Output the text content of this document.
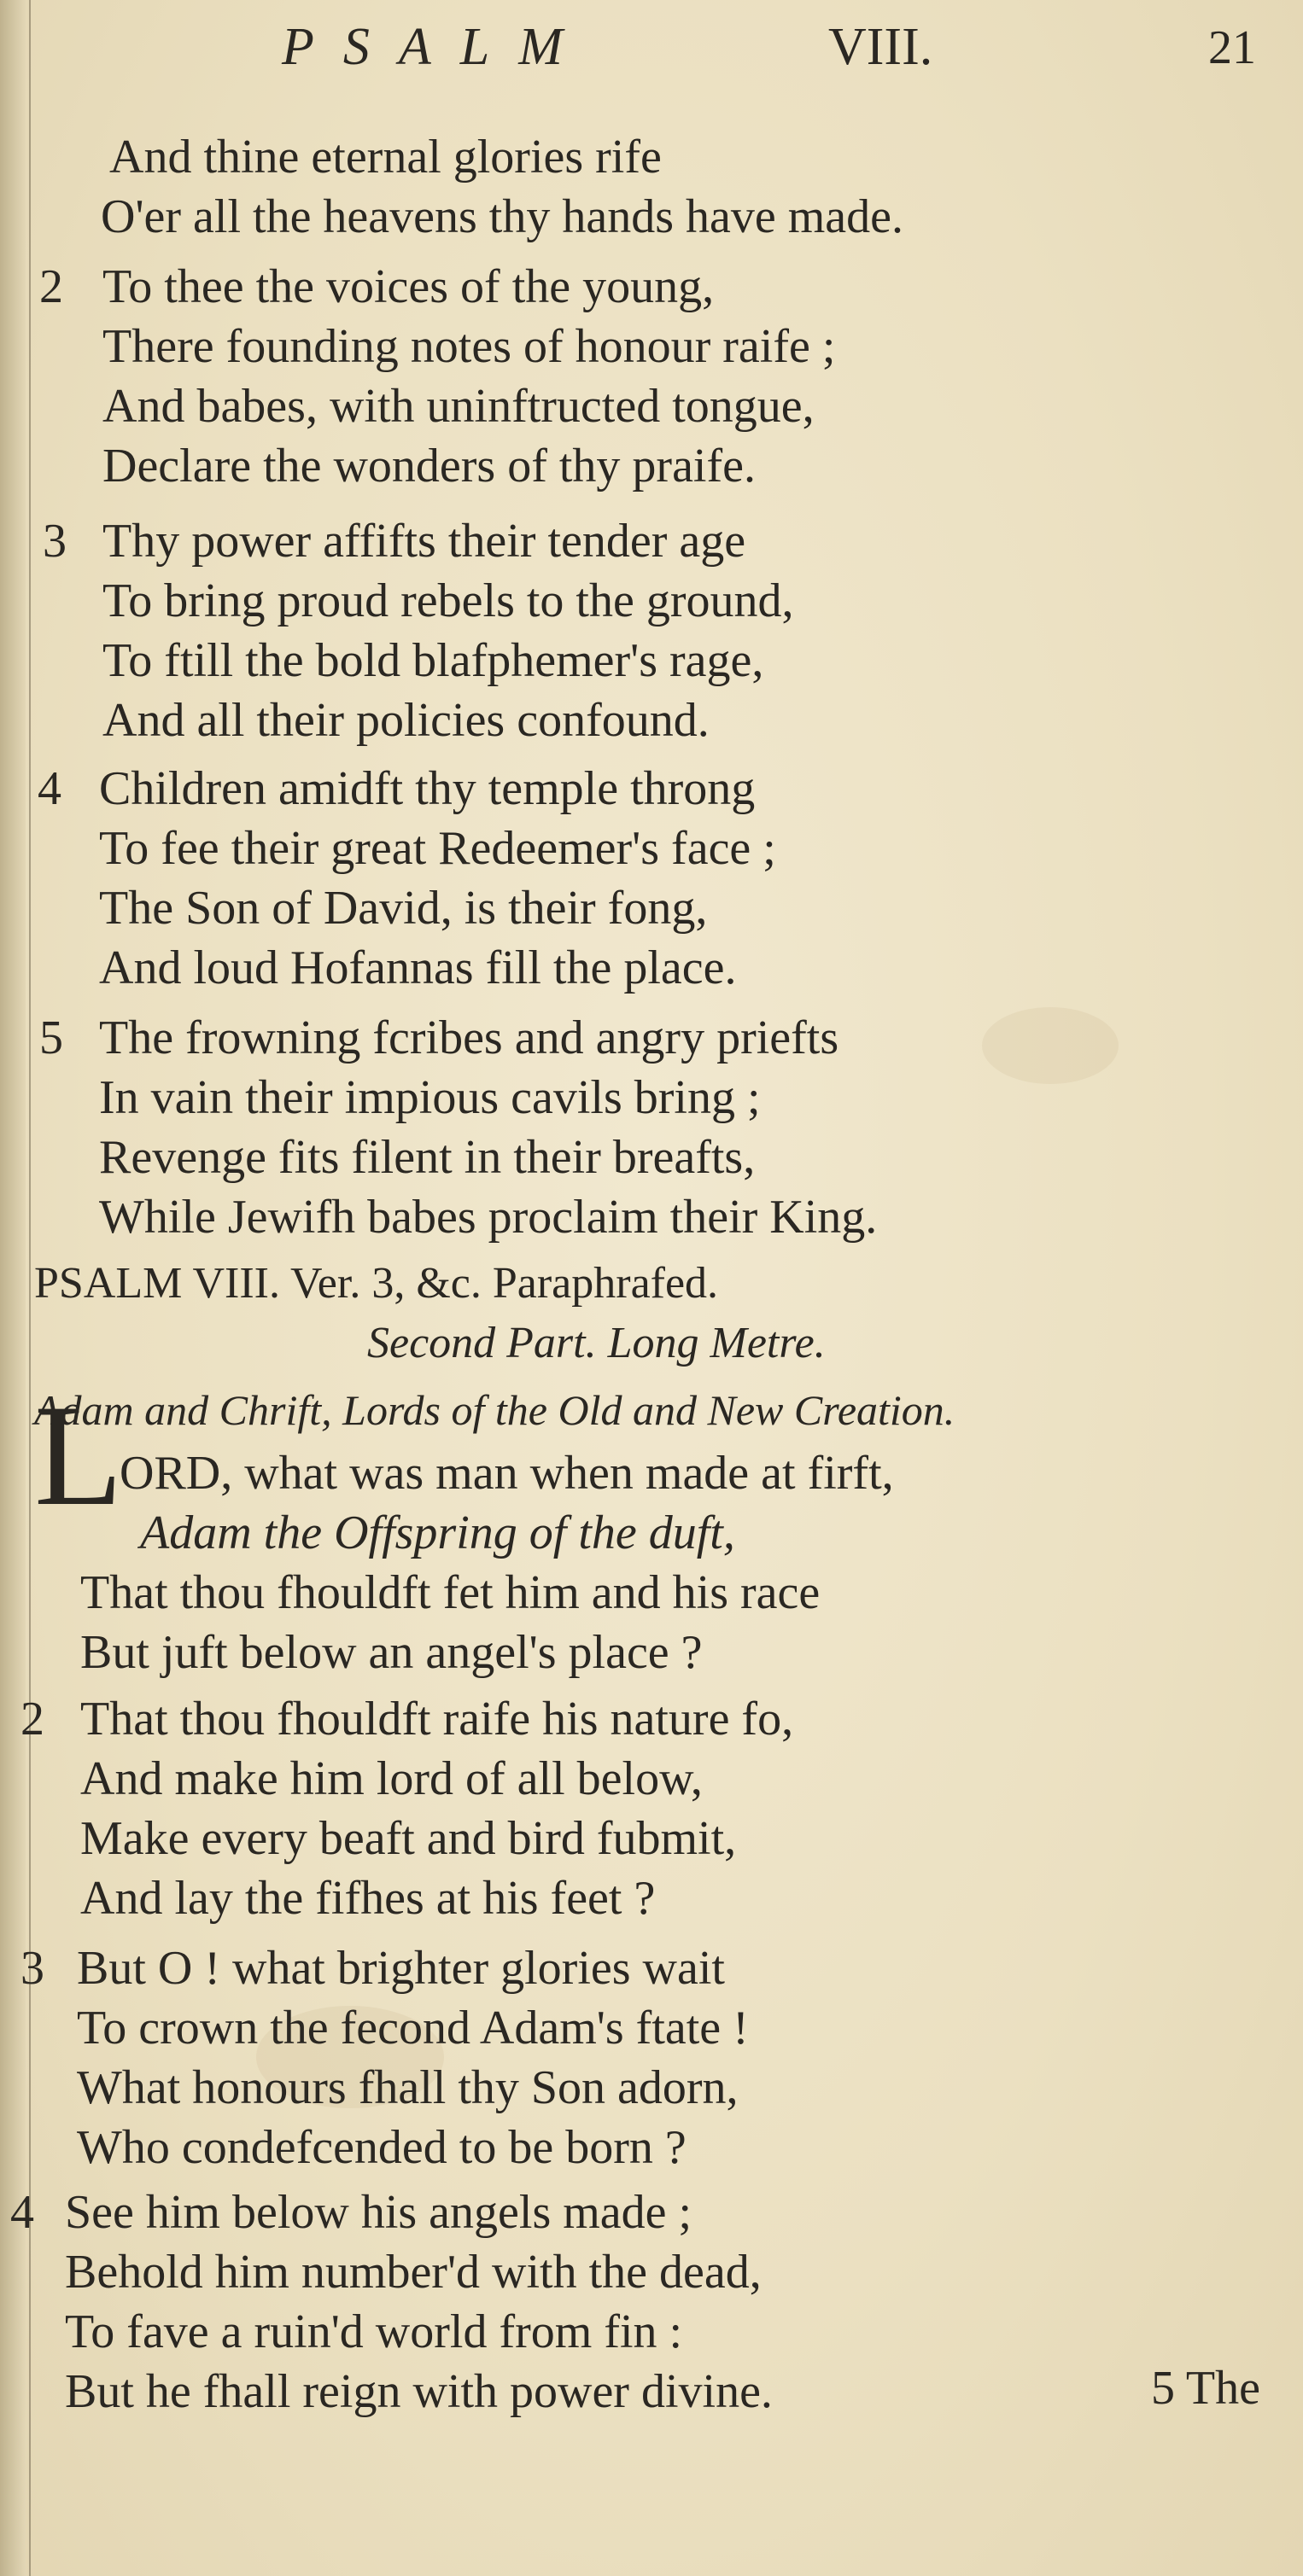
PSALM	VIII.	21
And thine eternal glories rife
O'er all the heavens thy hands have made.
2 To thee the voices of the young,
There founding notes of honour raife ;
And babes, with uninftructed tongue,
Declare the wonders of thy praife.
3 Thy power affifts their tender age
To bring proud rebels to the ground,
To ftill the bold blafphemer's rage,
And all their policies confound.
4 Children amidft thy temple throng
To fee their great Redeemer's face ;
The Son of David, is their fong,
And loud Hofannas fill the place.
5 The frowning fcribes and angry priefts
In vain their impious cavils bring ;
Revenge fits filent in their breafts,
While Jewifh babes proclaim their King.
PSALM VIII. Ver. 3, &c. Paraphrafed.
Second Part. Long Metre.
Adam and Chrift, Lords of the Old and New Creation.
L
ORD, what was man when made at firft,
Adam the Offspring of the duft,
That thou fhouldft fet him and his race
But juft below an angel's place ?
2 That thou fhouldft raife his nature fo,
And make him lord of all below,
Make every beaft and bird fubmit,
And lay the fifhes at his feet ?
3 But O ! what brighter glories wait
To crown the fecond Adam's ftate !
What honours fhall thy Son adorn,
Who condefcended to be born ?
4 See him below his angels made ;
Behold him number'd with the dead,
To fave a ruin'd world from fin :
But he fhall reign with power divine.	5 The
